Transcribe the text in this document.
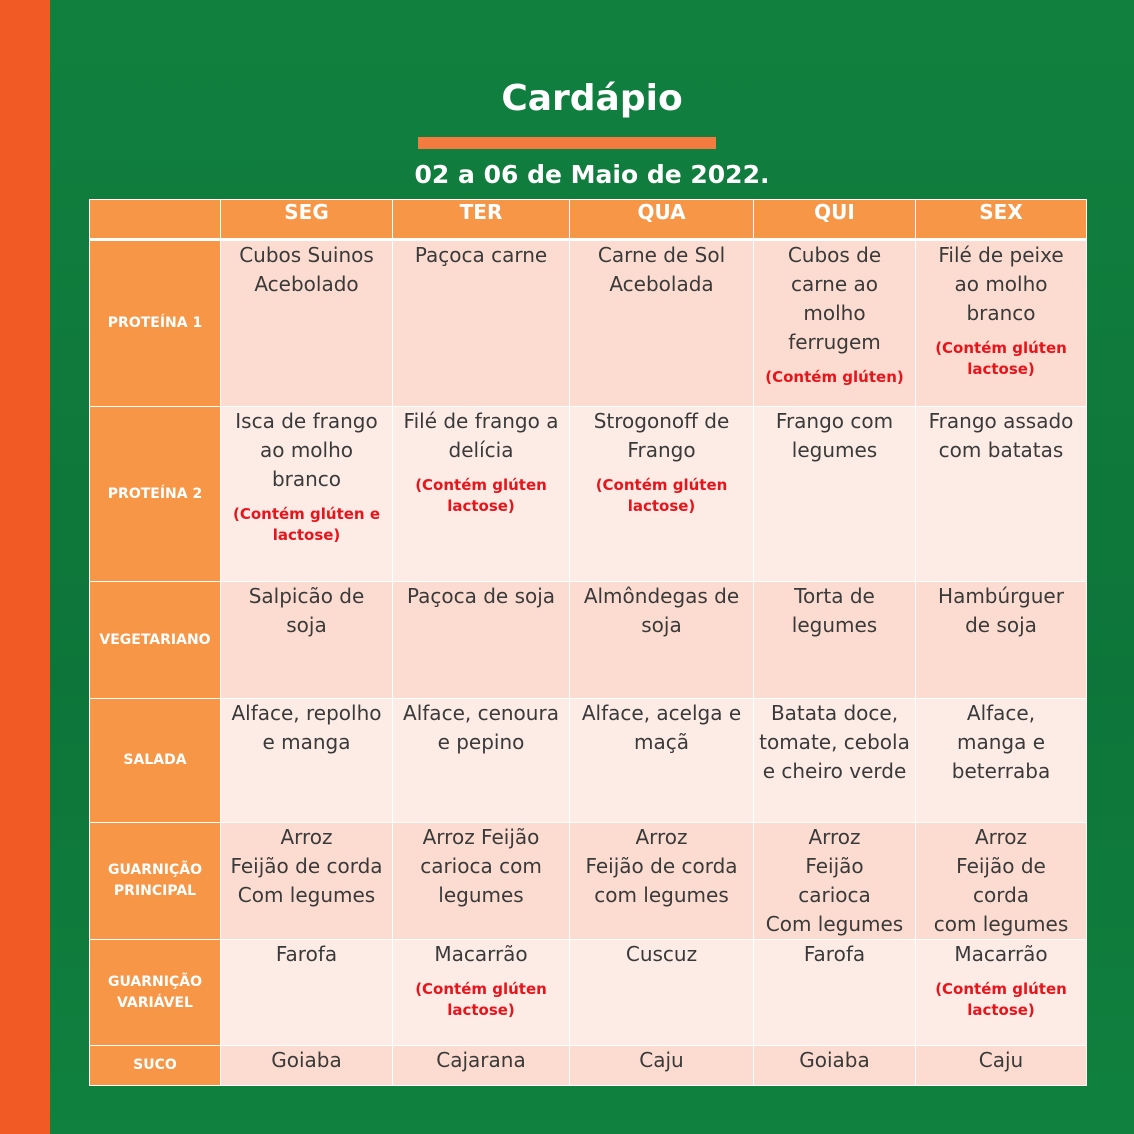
Cardápio
02 a 06 de Maio de 2022.
	SEG	TER	QUA	QUI	SEX
PROTEÍNA 1	Cubos Suinos
Acebolado	Paçoca carne	Carne de Sol
Acebolada	Cubos de
carne ao
molho
ferrugem
(Contém glúten)	Filé de peixe
ao molho
branco
(Contém glúten
lactose)

PROTEÍNA 2	Isca de frango
ao molho
branco
(Contém glúten e
lactose)	Filé de frango a
delícia
(Contém glúten
lactose)	Strogonoff de
Frango
(Contém glúten
lactose)	Frango com
legumes	Frango assado
com batatas

VEGETARIANO	Salpicão de
soja	Paçoca de soja	Almôndegas de
soja	Torta de
legumes	Hambúrguer
de soja

SALADA	Alface, repolho
e manga	Alface, cenoura
e pepino	Alface, acelga e
maçã	Batata doce,
tomate, cebola
e cheiro verde	Alface,
manga e
beterraba

GUARNIÇÃO
PRINCIPAL	Arroz
Feijão de corda
Com legumes	Arroz Feijão
carioca com
legumes	Arroz
Feijão de corda
com legumes	Arroz
Feijão
carioca
Com legumes	Arroz
Feijão de
corda
com legumes

GUARNIÇÃO
VARIÁVEL	Farofa	Macarrão
(Contém glúten
lactose)	Cuscuz	Farofa	Macarrão
(Contém glúten
lactose)

SUCO	Goiaba	Cajarana	Caju	Goiaba	Caju
